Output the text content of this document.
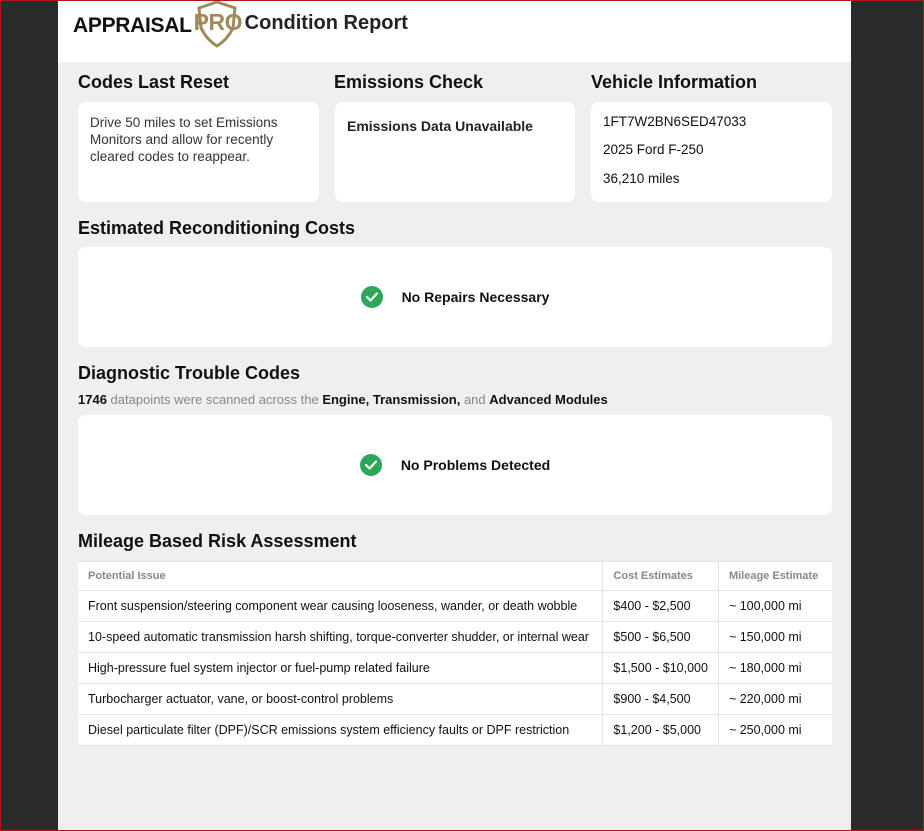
APPRAISAL PRO Condition Report
Codes Last Reset
Drive 50 miles to set Emissions Monitors and allow for recently cleared codes to reappear.
Emissions Check
Emissions Data Unavailable
Vehicle Information
1FT7W2BN6SED47033
2025 Ford F-250
36,210 miles
Estimated Reconditioning Costs
No Repairs Necessary
Diagnostic Trouble Codes
1746 datapoints were scanned across the Engine, Transmission, and Advanced Modules
No Problems Detected
Mileage Based Risk Assessment
Potential Issue	Cost Estimates	Mileage Estimate
Front suspension/steering component wear causing looseness, wander, or death wobble	$400 - $2,500	~ 100,000 mi
10-speed automatic transmission harsh shifting, torque-converter shudder, or internal wear	$500 - $6,500	~ 150,000 mi
High-pressure fuel system injector or fuel-pump related failure	$1,500 - $10,000	~ 180,000 mi
Turbocharger actuator, vane, or boost-control problems	$900 - $4,500	~ 220,000 mi
Diesel particulate filter (DPF)/SCR emissions system efficiency faults or DPF restriction	$1,200 - $5,000	~ 250,000 mi
